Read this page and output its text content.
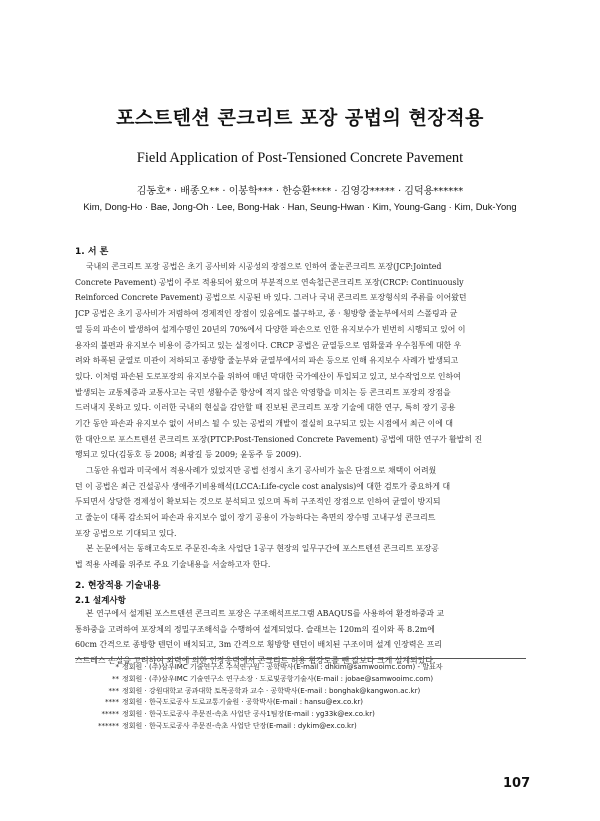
포스트텐션 콘크리트 포장 공법의 현장적용
Field Application of Post-Tensioned Concrete Pavement
김동호* · 배종오** · 이봉학*** · 한승환**** · 김영강***** · 김덕용******
Kim, Dong-Ho · Bae, Jong-Oh · Lee, Bong-Hak · Han, Seung-Hwan · Kim, Young-Gang · Kim, Duk-Yong
1. 서 론

국내의 콘크리트 포장 공법은 초기 공사비와 시공성의 장점으로 인하여 줄눈콘크리트 포장(JCP:Jointed
Concrete Pavement) 공법이 주로 적용되어 왔으며 부분적으로 연속철근콘크리트 포장(CRCP: Continuously
Reinforced Concrete Pavement) 공법으로 시공된 바 있다. 그러나 국내 콘크리트 포장형식의 주류를 이어왔던
JCP 공법은 초기 공사비가 저렴하여 경제적인 장점이 있음에도 불구하고, 종 · 횡방향 줄눈부에서의 스폴링과 균
열 등의 파손이 발생하여 설계수명인 20년의 70%에서 다양한 파손으로 인한 유지보수가 빈번히 시행되고 있어 이
용자의 불편과 유지보수 비용이 증가되고 있는 실정이다. CRCP 공법은 균열등으로 염화물과 우수침투에 대한 우
려와 하폭된 균열로 미관이 저하되고 종방향 줄눈부와 균열부에서의 파손 등으로 인해 유지보수 사례가 발생되고
있다. 이처럼 파손된 도로포장의 유지보수를 위하여 매년 막대한 국가예산이 투입되고 있고, 보수작업으로 인하여
발생되는 교통체증과 교통사고는 국민 생활수준 향상에 적지 않은 악영향을 미치는 등 콘크리트 포장의 장점을
드러내지 못하고 있다. 이러한 국내의 현실을 감안할 때 진보된 콘크리트 포장 기술에 대한 연구, 특히 장기 공용
기간 동안 파손과 유지보수 없이 서비스 될 수 있는 공법의 개발이 절실히 요구되고 있는 시점에서 최근 이에 대
한 대안으로 포스트텐션 콘크리트 포장(PTCP:Post-Tensioned Concrete Pavement) 공법에 대한 연구가 활발히 진
행되고 있다(김동호 등 2008; 최광길 등 2009; 윤동주 등 2009).

그동안 유럽과 미국에서 적용사례가 있었지만 공법 선정시 초기 공사비가 높은 단점으로 채택이 어려웠
던 이 공법은 최근 건설공사 생애주기비용해석(LCCA:Life-cycle cost analysis)에 대한 검토가 중요하게 대
두되면서 상당한 경제성이 확보되는 것으로 분석되고 있으며 특히 구조적인 장점으로 인하여 균열이 방지되
고 줄눈이 대폭 감소되어 파손과 유지보수 없이 장기 공용이 가능하다는 측면의 장수명 고내구성 콘크리트
포장 공법으로 기대되고 있다.

본 논문에서는 동해고속도로 주문진-속초 사업단 1공구 현장의 일무구간에 포스트텐션 콘크리트 포장공
법 적용 사례를 위주로 주요 기술내용을 서술하고자 한다.

2. 현장적용 기술내용
2.1 설계사항

본 연구에서 설계된 포스트텐션 콘크리트 포장은 구조해석프로그램 ABAQUS를 사용하여 환경하중과 교
통하중을 고려하여 포장체의 정밀구조해석을 수행하여 설계되었다. 슬래브는 120m의 길이와 폭 8.2m에
60cm 간격으로 종방향 텐던이 배치되고, 3m 간격으로 횡방향 텐던이 배치된 구조이며 설계 인장력은 프리
스트레스 손실을 고려하여 외력에 의한 인장응력에서 콘크리트 허용 휨강도를 뺀 값보다 크게 설계되었다.

* 정회원 · (주)삼우IMC 기술연구소 수석연구원 · 공학박사(E-mail : dhkim@samwooimc.com) - 발표자
** 정회원 · (주)삼우IMC 기술연구소 연구소장 · 도로및공항기술사(E-mail : jobae@samwooimc.com)
*** 정회원 · 강원대학교 공과대학 토목공학과 교수 · 공학박사(E-mail : bonghak@kangwon.ac.kr)
**** 정회원 · 한국도로공사 도로교통기술원 · 공학박사(E-mail : hansu@ex.co.kr)
***** 정회원 · 한국도로공사 주문진-속초 사업단 공사1팀장(E-mail : yg33k@ex.co.kr)
****** 정회원 · 한국도로공사 주문진-속초 사업단 단장(E-mail : dykim@ex.co.kr)
107
